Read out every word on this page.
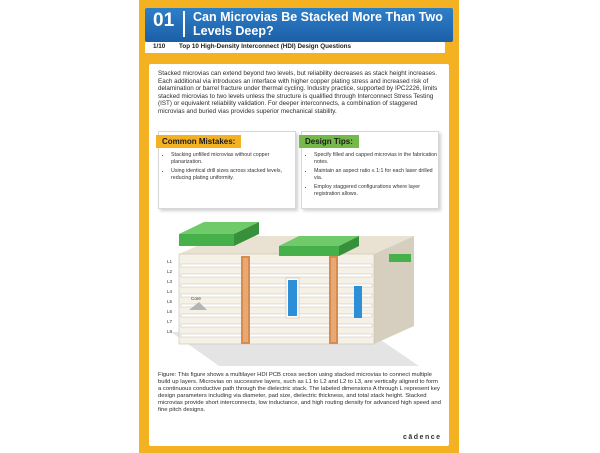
01 Can Microvias Be Stacked More Than Two Levels Deep?
1/10 Top 10 High-Density Interconnect (HDI) Design Questions
Stacked microvias can extend beyond two levels, but reliability decreases as stack height increases. Each additional via introduces an interface with higher copper plating stress and increased risk of delamination or barrel fracture under thermal cycling. Industry practice, supported by IPC2226, limits stacked microvias to two levels unless the structure is qualified through Interconnect Stress Testing (IST) or equivalent reliability validation. For deeper interconnects, a combination of staggered microvias and buried vias provides superior mechanical stability.
Common Mistakes:
• Stacking unfilled microvias without copper planarization.
• Using identical drill sizes across stacked levels, reducing plating uniformity.
Design Tips:
• Specify filled and capped microvias in the fabrication notes.
• Maintain an aspect ratio ≤ 1:1 for each laser drilled via.
• Employ staggered configurations where layer registration allows.
L1
L2
L3
L4
L5
L6
L7
L8
Core
Figure: This figure shows a multilayer HDI PCB cross section using stacked microvias to connect multiple build up layers. Microvias on successive layers, such as L1 to L2 and L2 to L3, are vertically aligned to form a continuous conductive path through the dielectric stack. The labeled dimensions A through L represent key design parameters including via diameter, pad size, dielectric thickness, and total stack height. Stacked microvias provide short interconnects, low inductance, and high routing density for advanced high speed and fine pitch designs.
cādence
